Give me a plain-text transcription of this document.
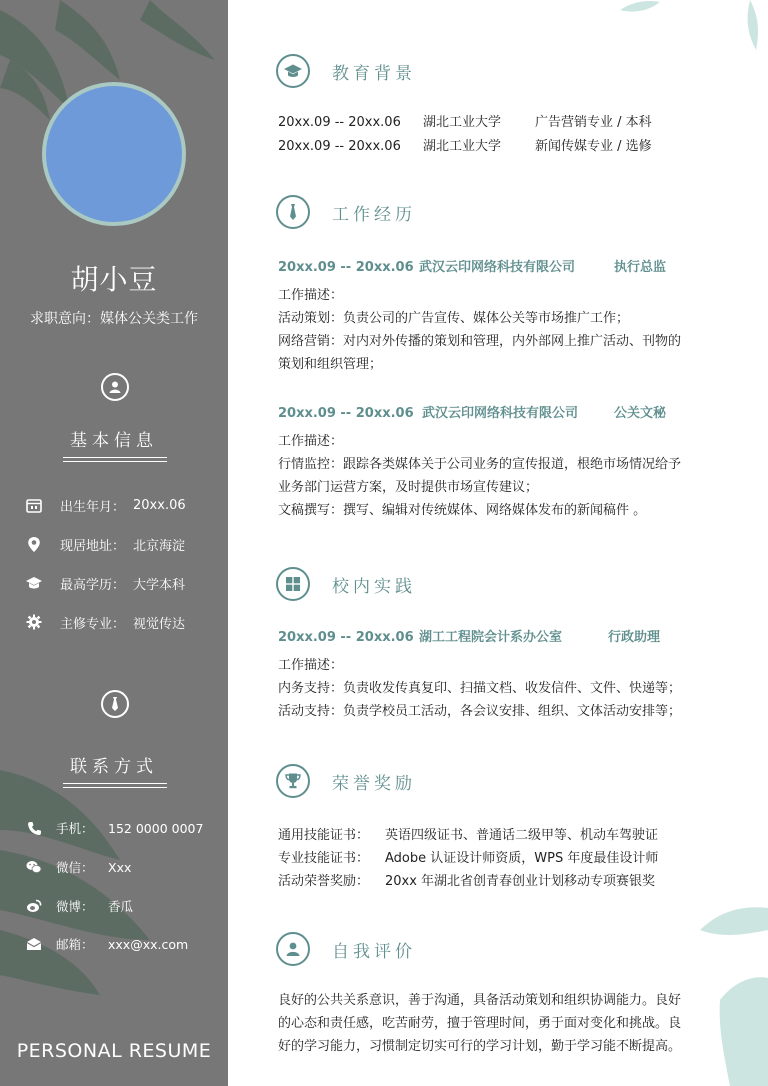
胡小豆
求职意向：媒体公关类工作
基本信息
出生年月： 20xx.06
现居地址： 北京海淀
最高学历： 大学本科
主修专业： 视觉传达
联系方式
手机：	152 0000 0007
微信：	Xxx
微博：	香瓜
邮箱：	xxx@xx.com
PERSONAL RESUME
教育背景
20xx.09 -- 20xx.06 湖北工业大学	广告营销专业 / 本科
20xx.09 -- 20xx.06 湖北工业大学	新闻传媒专业 / 选修
工作经历
20xx.09 -- 20xx.06 武汉云印网络科技有限公司	执行总监
工作描述：
活动策划：负责公司的广告宣传、媒体公关等市场推广工作；
网络营销：对内对外传播的策划和管理，内外部网上推广活动、刊物的
策划和组织管理；
20xx.09 -- 20xx.06 武汉云印网络科技有限公司	公关文秘
工作描述：
行情监控：跟踪各类媒体关于公司业务的宣传报道，根绝市场情况给予
业务部门运营方案，及时提供市场宣传建议；
文稿撰写：撰写、编辑对传统媒体、网络媒体发布的新闻稿件 。
校内实践
20xx.09 -- 20xx.06 湖工工程院会计系办公室	行政助理
工作描述：
内务支持：负责收发传真复印、扫描文档、收发信件、文件、快递等；
活动支持：负责学校员工活动，各会议安排、组织、文体活动安排等；
荣誉奖励
通用技能证书： 英语四级证书、普通话二级甲等、机动车驾驶证
专业技能证书： Adobe 认证设计师资质，WPS 年度最佳设计师
活动荣誉奖励： 20xx 年湖北省创青春创业计划移动专项赛银奖
自我评价
良好的公共关系意识，善于沟通，具备活动策划和组织协调能力。良好
的心态和责任感，吃苦耐劳，擅于管理时间，勇于面对变化和挑战。良
好的学习能力，习惯制定切实可行的学习计划，勤于学习能不断提高。
